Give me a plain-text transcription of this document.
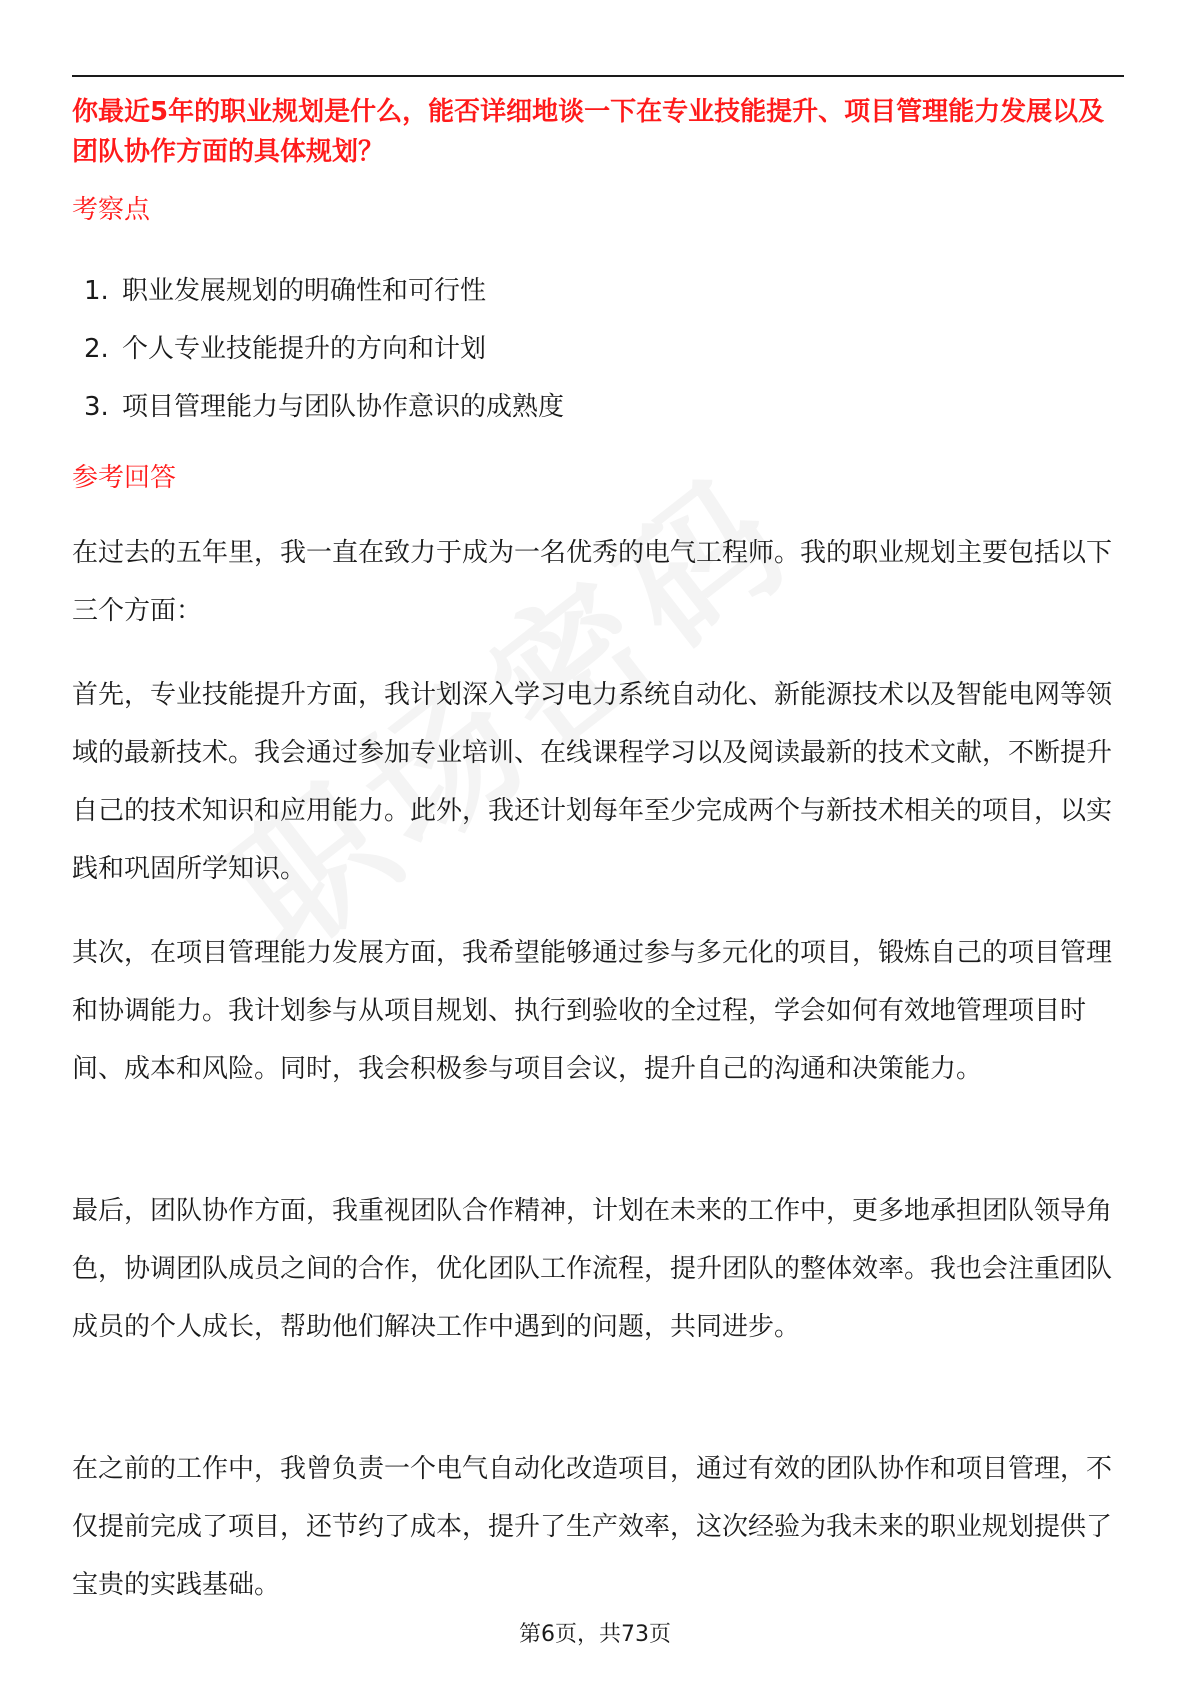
你最近5年的职业规划是什么，能否详细地谈一下在专业技能提升、项目管理能力发展以及团队协作方面的具体规划？
考察点
1. 职业发展规划的明确性和可行性
2. 个人专业技能提升的方向和计划
3. 项目管理能力与团队协作意识的成熟度
参考回答

在过去的五年里，我一直在致力于成为一名优秀的电气工程师。我的职业规划主要包括以下三个方面：

首先，专业技能提升方面，我计划深入学习电力系统自动化、新能源技术以及智能电网等领域的最新技术。我会通过参加专业培训、在线课程学习以及阅读最新的技术文献，不断提升自己的技术知识和应用能力。此外，我还计划每年至少完成两个与新技术相关的项目，以实践和巩固所学知识。

其次，在项目管理能力发展方面，我希望能够通过参与多元化的项目，锻炼自己的项目管理和协调能力。我计划参与从项目规划、执行到验收的全过程，学会如何有效地管理项目时间、成本和风险。同时，我会积极参与项目会议，提升自己的沟通和决策能力。

最后，团队协作方面，我重视团队合作精神，计划在未来的工作中，更多地承担团队领导角色，协调团队成员之间的合作，优化团队工作流程，提升团队的整体效率。我也会注重团队成员的个人成长，帮助他们解决工作中遇到的问题，共同进步。

在之前的工作中，我曾负责一个电气自动化改造项目，通过有效的团队协作和项目管理，不仅提前完成了项目，还节约了成本，提升了生产效率，这次经验为我未来的职业规划提供了宝贵的实践基础。

第6页，共73页
